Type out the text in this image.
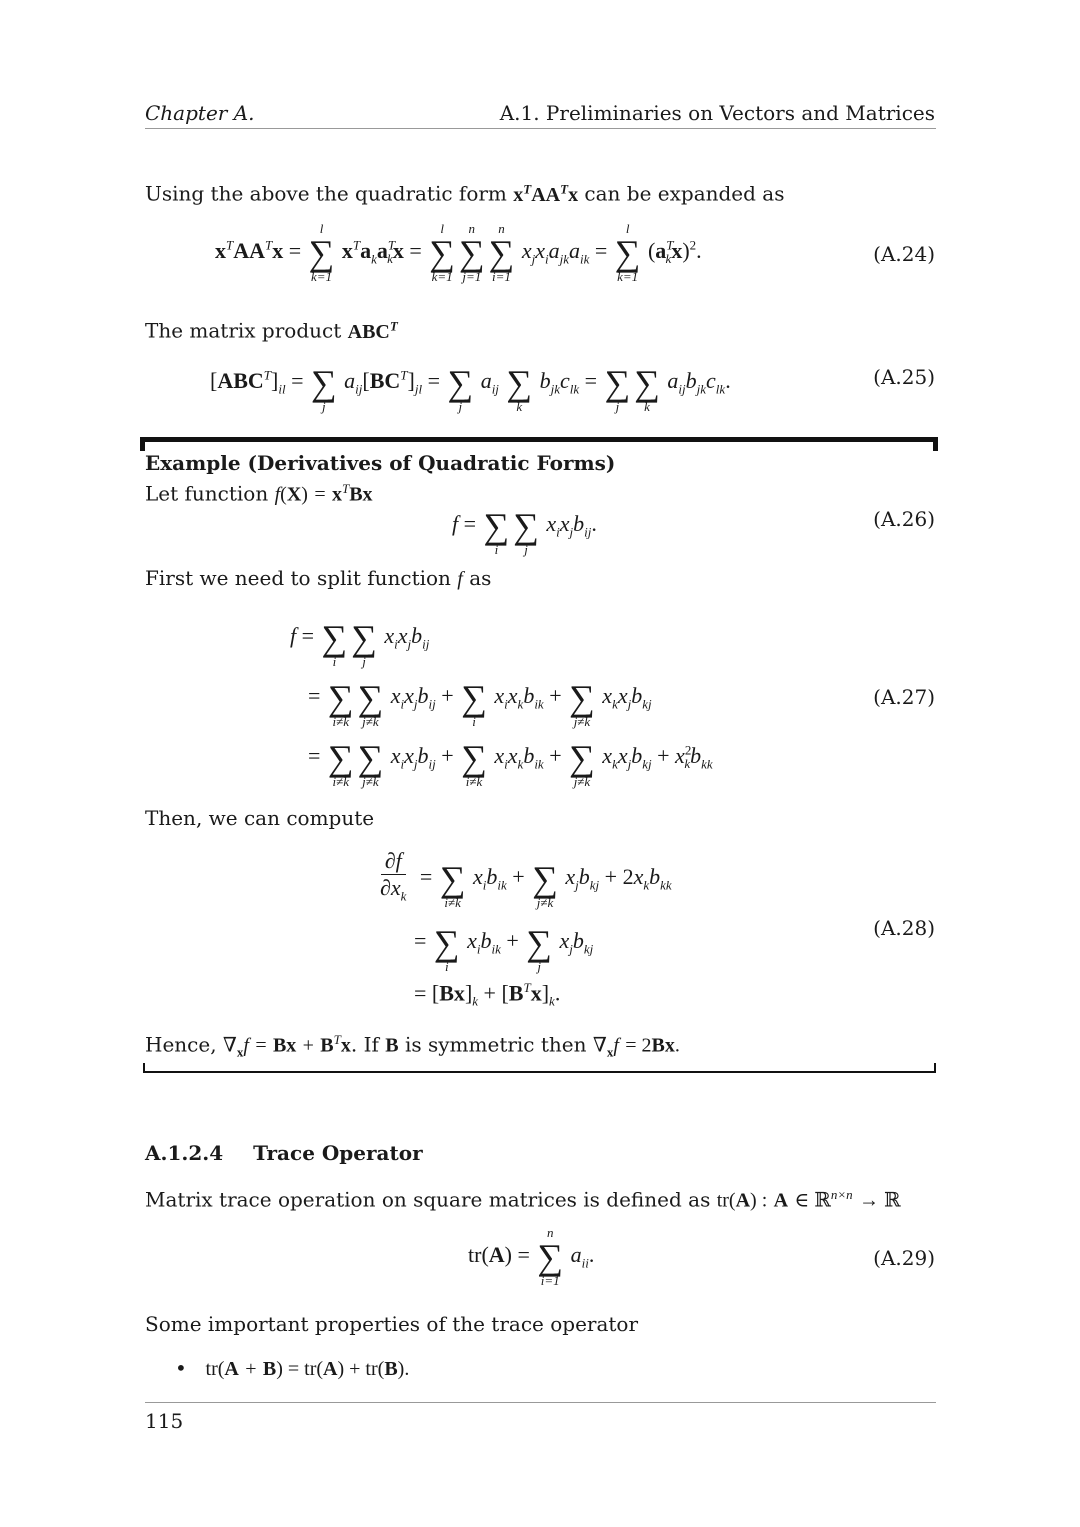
Chapter A.	A.1. Preliminaries on Vectors and Matrices
Using the above the quadratic form $x^TAA^Tx$ can be expanded as
$x^TAA^Tx$ =
l
∑
k=1
$x^Ta_ka^T_kx$ =
l
∑
k=1
n
∑
j=1
n
∑
i=1
$x_jx_ia_{jk}a_{ik}$ =
l
∑
k=1
$(a^T_kx)^2$.	(A.24)
The matrix product $ABC^T$
$[ABC^T]_{il}$ = ∑
j
$a_{ij}[BC^T]_{jl}$ = ∑
j
$a_{ij}$ ∑
k
$b_{jk}c_{lk}$ = ∑
j
∑
k
$a_{ij}b_{jk}c_{lk}$.	(A.25)
Example (Derivatives of Quadratic Forms)
Let function $f(X) = x^TBx$
f = ∑
i
∑
j
$x_ix_jb_{ij}$.	(A.26)
First we need to split function f as
f = ∑
i
∑
j
$x_ix_jb_{ij}$
= ∑
i≠k
∑
j≠k
$x_ix_jb_{ij}$ + ∑
i
$x_ix_kb_{ik}$ + ∑
j≠k
$x_kx_jb_{kj}$
= ∑
i≠k
∑
j≠k
$x_ix_jb_{ij}$ + ∑
i≠k
$x_ix_kb_{ik}$ + ∑
j≠k
$x_kx_jb_{kj} + x^2_kb_{kk}$
(A.27)
Then, we can compute
$\frac{\partial f}{\partial x_k}$ = ∑
i≠k
$x_ib_{ik}$ + ∑
j≠k
$x_jb_{kj} + 2x_kb_{kk}$
= ∑
i
$x_ib_{ik}$ + ∑
j
$x_jb_{kj}$
= $[Bx]_k + [B^Tx]_k$.
(A.28)
Hence, $\nabla_xf = Bx + B^Tx$. If B is symmetric then $\nabla_xf = 2Bx$.
A.1.2.4 Trace Operator
Matrix trace operation on square matrices is defined as tr(A) : A ∈ ℝ$^{n\times n}$ → ℝ
tr(A) =
n
∑
i=1
$a_{ii}$.	(A.29)
Some important properties of the trace operator
• tr(A + B) = tr(A) + tr(B).
115
